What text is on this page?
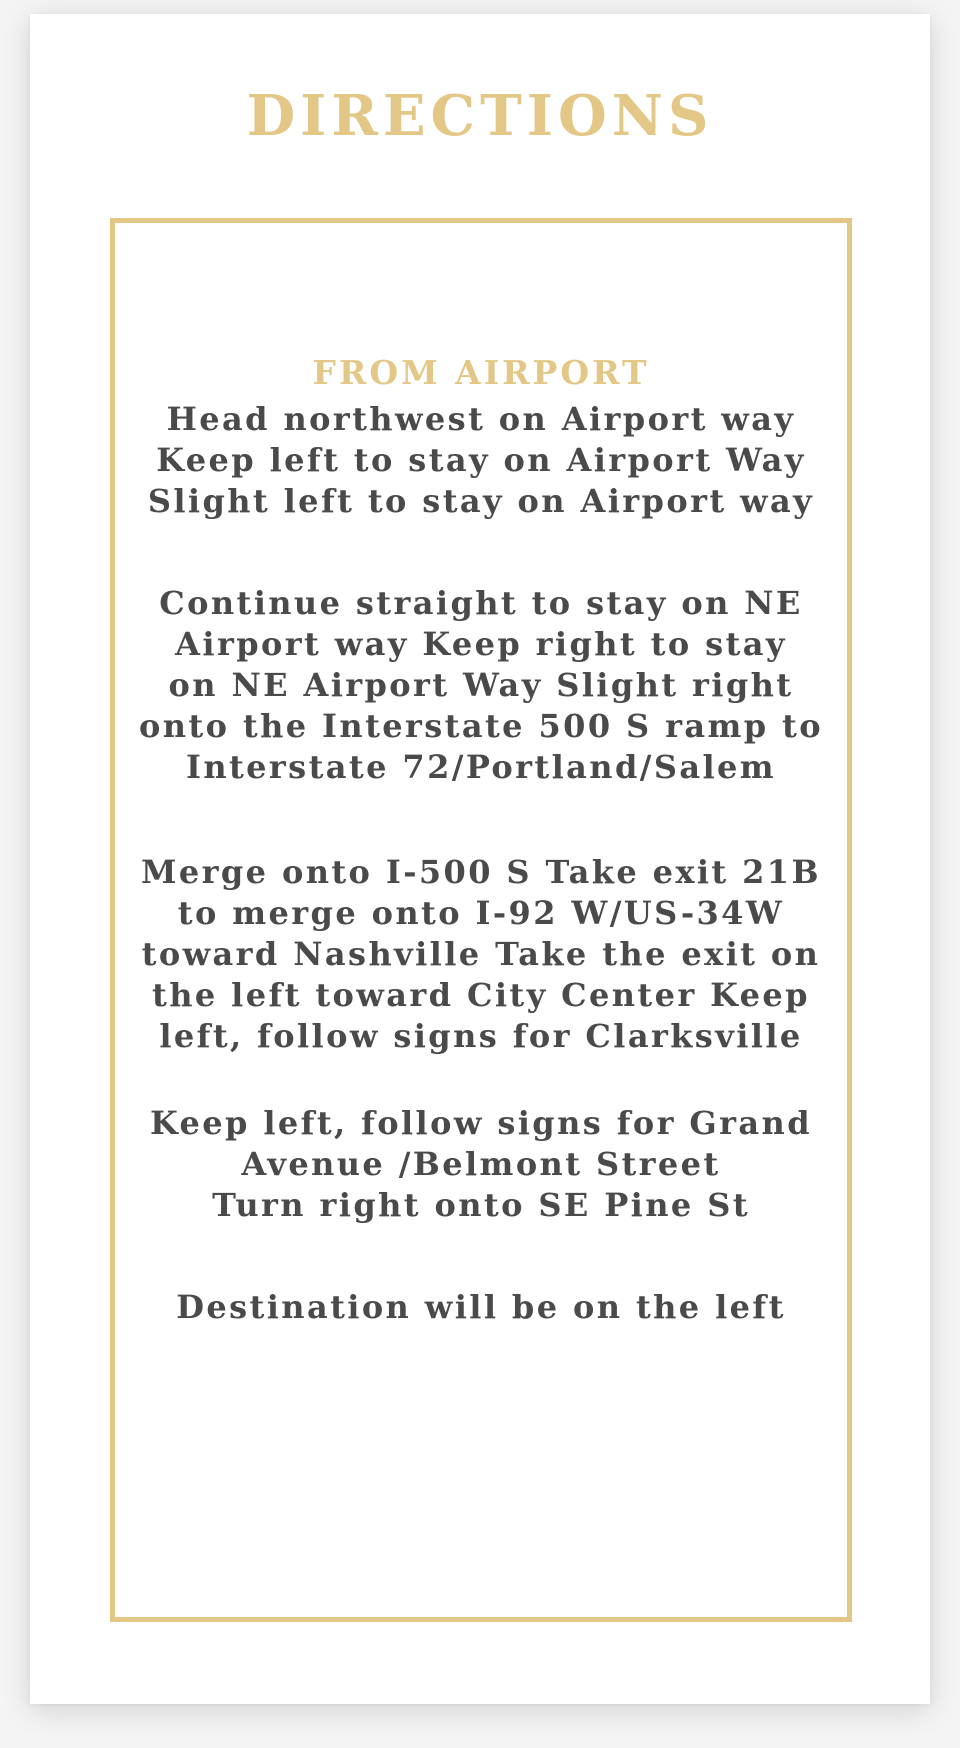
DIRECTIONS
FROM AIRPORT
Head northwest on Airport way
Keep left to stay on Airport Way
Slight left to stay on Airport way
Continue straight to stay on NE
Airport way Keep right to stay
on NE Airport Way Slight right
onto the Interstate 500 S ramp to
Interstate 72/Portland/Salem
Merge onto I-500 S Take exit 21B
to merge onto I-92 W/US-34W
toward Nashville Take the exit on
the left toward City Center Keep
left, follow signs for Clarksville
Keep left, follow signs for Grand
Avenue /Belmont Street
Turn right onto SE Pine St
Destination will be on the left
